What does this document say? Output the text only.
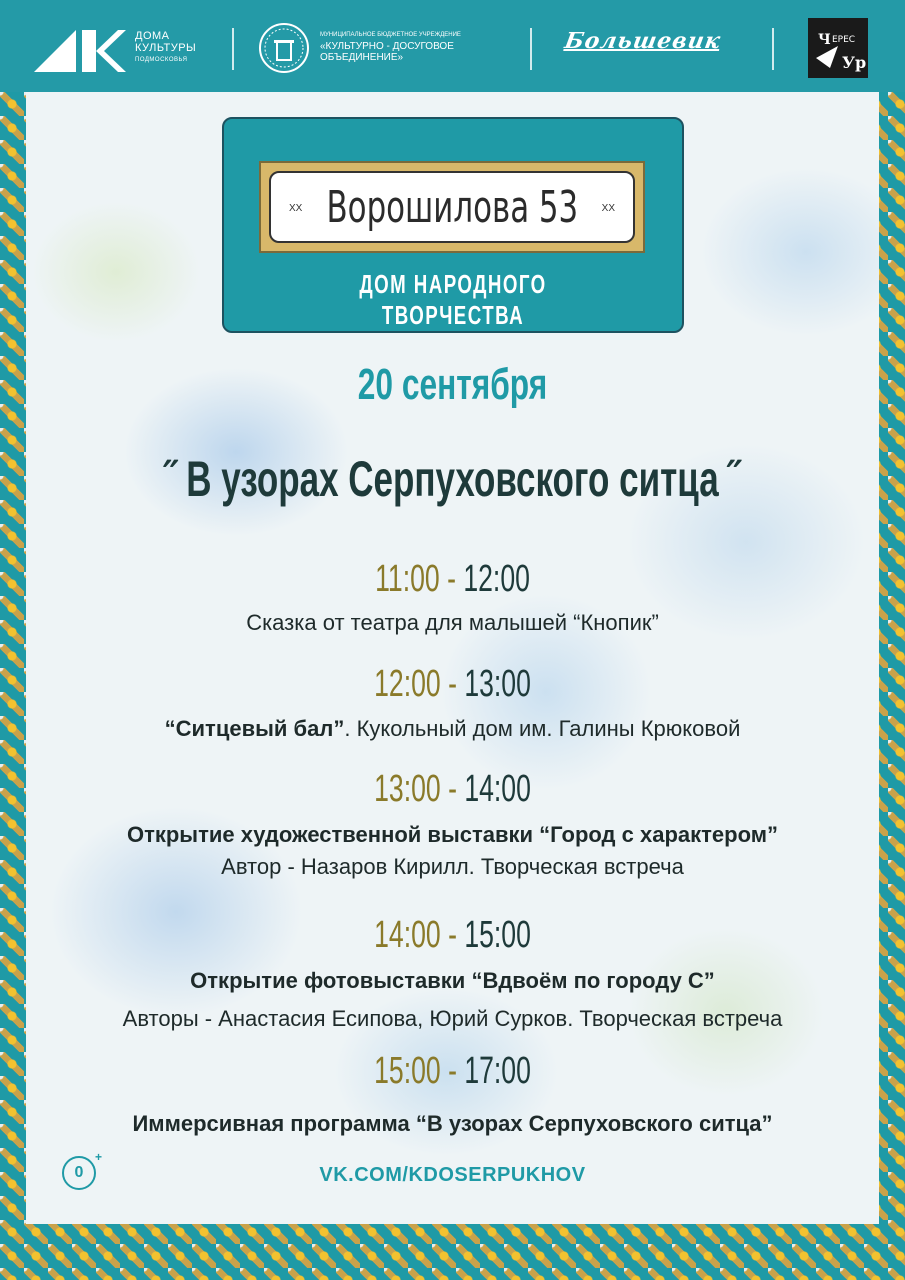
ДОМА
КУЛЬТУРЫ
ПОДМОСКОВЬЯ
МУНИЦИПАЛЬНОЕ БЮДЖЕТНОЕ УЧРЕЖДЕНИЕ
«КУЛЬТУРНО - ДОСУГОВОЕ
ОБЪЕДИНЕНИЕ»
Большевик	Ч ЕРЕС
Ур
ХХ Ворошилова 53 ХХ
ДОМ НАРОДНОГО ТВОРЧЕСТВА
20 сентября
˝ В узорах Серпуховского ситца ˝
11:00 - 12:00
Сказка от театра для малышей “Кнопик”
12:00 - 13:00
“Ситцевый бал”. Кукольный дом им. Галины Крюковой
13:00 - 14:00
Открытие художественной выставки “Город с характером”
Автор - Назаров Кирилл. Творческая встреча
14:00 - 15:00
Открытие фотовыставки “Вдвоём по городу С”
Авторы - Анастасия Есипова, Юрий Сурков. Творческая встреча
15:00 - 17:00
Иммерсивная программа “В узорах Серпуховского ситца”
0
+
VK.COM/KDOSERPUKHOV
